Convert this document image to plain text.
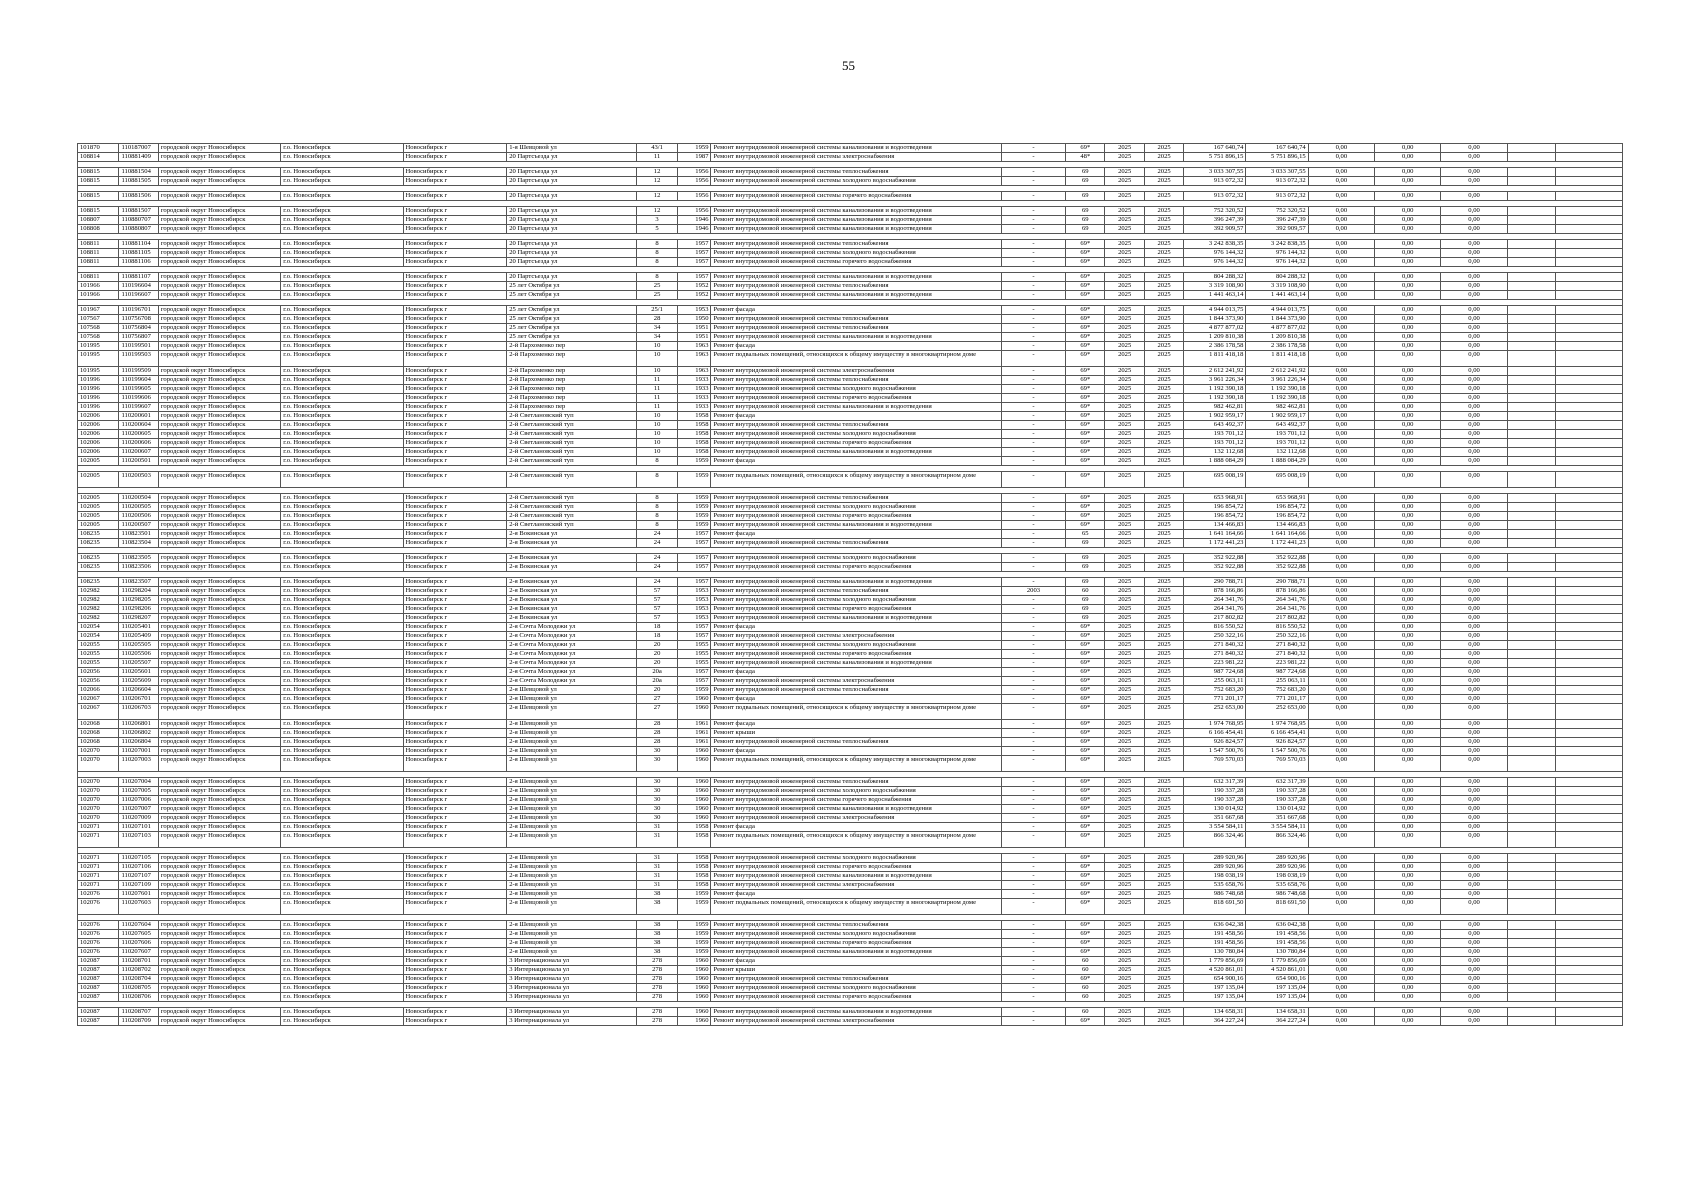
55
101870	110187007	городской округ Новосибирск	г.о. Новосибирск	Новосибирск г	1-я Шевцовой ул	43/1	1959	Ремонт внутридомовой инженерной системы канализования и водоотведения	-	69*	2025	2025	167 640,74	167 640,74	0,00	0,00	0,00		
108814	110881409	городской округ Новосибирск	г.о. Новосибирск	Новосибирск г	20 Партсъезда ул	11	1987	Ремонт внутридомовой инженерной системы электроснабжения	-	48*	2025	2025	5 751 896,15	5 751 896,15	0,00	0,00	0,00		

108815	110881504	городской округ Новосибирск	г.о. Новосибирск	Новосибирск г	20 Партсъезда ул	12	1956	Ремонт внутридомовой инженерной системы теплоснабжения	-	69	2025	2025	3 033 307,55	3 033 307,55	0,00	0,00	0,00		
108815	110881505	городской округ Новосибирск	г.о. Новосибирск	Новосибирск г	20 Партсъезда ул	12	1956	Ремонт внутридомовой инженерной системы холодного водоснабжения	-	69	2025	2025	913 072,32	913 072,32	0,00	0,00	0,00		

108815	110881506	городской округ Новосибирск	г.о. Новосибирск	Новосибирск г	20 Партсъезда ул	12	1956	Ремонт внутридомовой инженерной системы горячего водоснабжения	-	69	2025	2025	913 072,32	913 072,32	0,00	0,00	0,00		

108815	110881507	городской округ Новосибирск	г.о. Новосибирск	Новосибирск г	20 Партсъезда ул	12	1956	Ремонт внутридомовой инженерной системы канализования и водоотведения	-	69	2025	2025	752 320,52	752 320,52	0,00	0,00	0,00		
108807	110880707	городской округ Новосибирск	г.о. Новосибирск	Новосибирск г	20 Партсъезда ул	3	1946	Ремонт внутридомовой инженерной системы канализования и водоотведения	-	69	2025	2025	396 247,39	396 247,39	0,00	0,00	0,00		
108808	110880807	городской округ Новосибирск	г.о. Новосибирск	Новосибирск г	20 Партсъезда ул	5	1946	Ремонт внутридомовой инженерной системы канализования и водоотведения	-	69	2025	2025	392 909,57	392 909,57	0,00	0,00	0,00		

108811	110881104	городской округ Новосибирск	г.о. Новосибирск	Новосибирск г	20 Партсъезда ул	8	1957	Ремонт внутридомовой инженерной системы теплоснабжения	-	69*	2025	2025	3 242 838,35	3 242 838,35	0,00	0,00	0,00		
108811	110881105	городской округ Новосибирск	г.о. Новосибирск	Новосибирск г	20 Партсъезда ул	8	1957	Ремонт внутридомовой инженерной системы холодного водоснабжения	-	69*	2025	2025	976 144,32	976 144,32	0,00	0,00	0,00		
108811	110881106	городской округ Новосибирск	г.о. Новосибирск	Новосибирск г	20 Партсъезда ул	8	1957	Ремонт внутридомовой инженерной системы горячего водоснабжения	-	69*	2025	2025	976 144,32	976 144,32	0,00	0,00	0,00		

108811	110881107	городской округ Новосибирск	г.о. Новосибирск	Новосибирск г	20 Партсъезда ул	8	1957	Ремонт внутридомовой инженерной системы канализования и водоотведения	-	69*	2025	2025	804 288,32	804 288,32	0,00	0,00	0,00		
101966	110196604	городской округ Новосибирск	г.о. Новосибирск	Новосибирск г	25 лет Октября ул	25	1952	Ремонт внутридомовой инженерной системы теплоснабжения	-	69*	2025	2025	3 319 108,90	3 319 108,90	0,00	0,00	0,00		
101966	110196607	городской округ Новосибирск	г.о. Новосибирск	Новосибирск г	25 лет Октября ул	25	1952	Ремонт внутридомовой инженерной системы канализования и водоотведения	-	69*	2025	2025	1 441 463,14	1 441 463,14	0,00	0,00	0,00		

101967	110196701	городской округ Новосибирск	г.о. Новосибирск	Новосибирск г	25 лет Октября ул	25/1	1953	Ремонт фасада	-	69*	2025	2025	4 944 013,75	4 944 013,75	0,00	0,00	0,00		
107567	110756708	городской округ Новосибирск	г.о. Новосибирск	Новосибирск г	25 лет Октября ул	28	1950	Ремонт внутридомовой инженерной системы теплоснабжения	-	69*	2025	2025	1 844 373,90	1 844 373,90	0,00	0,00	0,00		
107568	110756804	городской округ Новосибирск	г.о. Новосибирск	Новосибирск г	25 лет Октября ул	34	1951	Ремонт внутридомовой инженерной системы теплоснабжения	-	69*	2025	2025	4 877 877,02	4 877 877,02	0,00	0,00	0,00		
107568	110756807	городской округ Новосибирск	г.о. Новосибирск	Новосибирск г	25 лет Октября ул	34	1951	Ремонт внутридомовой инженерной системы канализования и водоотведения	-	69*	2025	2025	1 209 810,38	1 209 810,38	0,00	0,00	0,00		
101995	110199501	городской округ Новосибирск	г.о. Новосибирск	Новосибирск г	2-й Пархоменко пер	10	1963	Ремонт фасада	-	69*	2025	2025	2 386 178,58	2 386 178,58	0,00	0,00	0,00		
101995	110199503	городской округ Новосибирск	г.о. Новосибирск	Новосибирск г	2-й Пархоменко пер	10	1963	Ремонт подвальных помещений, относящихся к общему имуществу в многоквартирном доме	-	69*	2025	2025	1 811 418,18	1 811 418,18	0,00	0,00	0,00		
101995	110199509	городской округ Новосибирск	г.о. Новосибирск	Новосибирск г	2-й Пархоменко пер	10	1963	Ремонт внутридомовой инженерной системы электроснабжения	-	69*	2025	2025	2 612 241,92	2 612 241,92	0,00	0,00	0,00		
101996	110199604	городской округ Новосибирск	г.о. Новосибирск	Новосибирск г	2-й Пархоменко пер	11	1933	Ремонт внутридомовой инженерной системы теплоснабжения	-	69*	2025	2025	3 961 226,34	3 961 226,34	0,00	0,00	0,00		
101996	110199605	городской округ Новосибирск	г.о. Новосибирск	Новосибирск г	2-й Пархоменко пер	11	1933	Ремонт внутридомовой инженерной системы холодного водоснабжения	-	69*	2025	2025	1 192 390,18	1 192 390,18	0,00	0,00	0,00		
101996	110199606	городской округ Новосибирск	г.о. Новосибирск	Новосибирск г	2-й Пархоменко пер	11	1933	Ремонт внутридомовой инженерной системы горячего водоснабжения	-	69*	2025	2025	1 192 390,18	1 192 390,18	0,00	0,00	0,00		
101996	110199607	городской округ Новосибирск	г.о. Новосибирск	Новосибирск г	2-й Пархоменко пер	11	1933	Ремонт внутридомовой инженерной системы канализования и водоотведения	-	69*	2025	2025	982 462,81	982 462,81	0,00	0,00	0,00		
102006	110200601	городской округ Новосибирск	г.о. Новосибирск	Новосибирск г	2-й Светлановский туп	10	1958	Ремонт фасада	-	69*	2025	2025	1 902 959,17	1 902 959,17	0,00	0,00	0,00		
102006	110200604	городской округ Новосибирск	г.о. Новосибирск	Новосибирск г	2-й Светлановский туп	10	1958	Ремонт внутридомовой инженерной системы теплоснабжения	-	69*	2025	2025	643 492,37	643 492,37	0,00	0,00	0,00		
102006	110200605	городской округ Новосибирск	г.о. Новосибирск	Новосибирск г	2-й Светлановский туп	10	1958	Ремонт внутридомовой инженерной системы холодного водоснабжения	-	69*	2025	2025	193 701,12	193 701,12	0,00	0,00	0,00		
102006	110200606	городской округ Новосибирск	г.о. Новосибирск	Новосибирск г	2-й Светлановский туп	10	1958	Ремонт внутридомовой инженерной системы горячего водоснабжения	-	69*	2025	2025	193 701,12	193 701,12	0,00	0,00	0,00		
102006	110200607	городской округ Новосибирск	г.о. Новосибирск	Новосибирск г	2-й Светлановский туп	10	1958	Ремонт внутридомовой инженерной системы канализования и водоотведения	-	69*	2025	2025	132 112,68	132 112,68	0,00	0,00	0,00		
102005	110200501	городской округ Новосибирск	г.о. Новосибирск	Новосибирск г	2-й Светлановский туп	8	1959	Ремонт фасада	-	69*	2025	2025	1 888 084,29	1 888 084,29	0,00	0,00	0,00		

102005	110200503	городской округ Новосибирск	г.о. Новосибирск	Новосибирск г	2-й Светлановский туп	8	1959	Ремонт подвальных помещений, относящихся к общему имуществу в многоквартирном доме	-	69*	2025	2025	695 008,19	695 008,19	0,00	0,00	0,00		

102005	110200504	городской округ Новосибирск	г.о. Новосибирск	Новосибирск г	2-й Светлановский туп	8	1959	Ремонт внутридомовой инженерной системы теплоснабжения	-	69*	2025	2025	653 968,91	653 968,91	0,00	0,00	0,00		
102005	110200505	городской округ Новосибирск	г.о. Новосибирск	Новосибирск г	2-й Светлановский туп	8	1959	Ремонт внутридомовой инженерной системы холодного водоснабжения	-	69*	2025	2025	196 854,72	196 854,72	0,00	0,00	0,00		
102005	110200506	городской округ Новосибирск	г.о. Новосибирск	Новосибирск г	2-й Светлановский туп	8	1959	Ремонт внутридомовой инженерной системы горячего водоснабжения	-	69*	2025	2025	196 854,72	196 854,72	0,00	0,00	0,00		
102005	110200507	городской округ Новосибирск	г.о. Новосибирск	Новосибирск г	2-й Светлановский туп	8	1959	Ремонт внутридомовой инженерной системы канализования и водоотведения	-	69*	2025	2025	134 466,83	134 466,83	0,00	0,00	0,00		
108235	110823501	городской округ Новосибирск	г.о. Новосибирск	Новосибирск г	2-я Вокинская ул	24	1957	Ремонт фасада	-	65	2025	2025	1 641 164,66	1 641 164,66	0,00	0,00	0,00		
108235	110823504	городской округ Новосибирск	г.о. Новосибирск	Новосибирск г	2-я Вокинская ул	24	1957	Ремонт внутридомовой инженерной системы теплоснабжения	-	69	2025	2025	1 172 441,23	1 172 441,23	0,00	0,00	0,00		

108235	110823505	городской округ Новосибирск	г.о. Новосибирск	Новосибирск г	2-я Вокинская ул	24	1957	Ремонт внутридомовой инженерной системы холодного водоснабжения	-	69	2025	2025	352 922,88	352 922,88	0,00	0,00	0,00		
108235	110823506	городской округ Новосибирск	г.о. Новосибирск	Новосибирск г	2-я Вокинская ул	24	1957	Ремонт внутридомовой инженерной системы горячего водоснабжения	-	69	2025	2025	352 922,88	352 922,88	0,00	0,00	0,00		

108235	110823507	городской округ Новосибирск	г.о. Новосибирск	Новосибирск г	2-я Вокинская ул	24	1957	Ремонт внутридомовой инженерной системы канализования и водоотведения	-	69	2025	2025	290 788,71	290 788,71	0,00	0,00	0,00		
102982	110298204	городской округ Новосибирск	г.о. Новосибирск	Новосибирск г	2-я Вокинская ул	57	1953	Ремонт внутридомовой инженерной системы теплоснабжения	2003	60	2025	2025	878 166,86	878 166,86	0,00	0,00	0,00		
102982	110298205	городской округ Новосибирск	г.о. Новосибирск	Новосибирск г	2-я Вокинская ул	57	1953	Ремонт внутридомовой инженерной системы холодного водоснабжения	-	69	2025	2025	264 341,76	264 341,76	0,00	0,00	0,00		
102982	110298206	городской округ Новосибирск	г.о. Новосибирск	Новосибирск г	2-я Вокинская ул	57	1953	Ремонт внутридомовой инженерной системы горячего водоснабжения	-	69	2025	2025	264 341,76	264 341,76	0,00	0,00	0,00		
102982	110298207	городской округ Новосибирск	г.о. Новосибирск	Новосибирск г	2-я Вокинская ул	57	1953	Ремонт внутридомовой инженерной системы канализования и водоотведения	-	69	2025	2025	217 802,82	217 802,82	0,00	0,00	0,00		
102054	110205401	городской округ Новосибирск	г.о. Новосибирск	Новосибирск г	2-я Сочта Молодежи ул	18	1957	Ремонт фасада	-	69*	2025	2025	816 550,52	816 550,52	0,00	0,00	0,00		
102054	110205409	городской округ Новосибирск	г.о. Новосибирск	Новосибирск г	2-я Сочта Молодежи ул	18	1957	Ремонт внутридомовой инженерной системы электроснабжения	-	69*	2025	2025	250 322,16	250 322,16	0,00	0,00	0,00		
102055	110205505	городской округ Новосибирск	г.о. Новосибирск	Новосибирск г	2-я Сочта Молодежи ул	20	1955	Ремонт внутридомовой инженерной системы холодного водоснабжения	-	69*	2025	2025	271 840,32	271 840,32	0,00	0,00	0,00		
102055	110205506	городской округ Новосибирск	г.о. Новосибирск	Новосибирск г	2-я Сочта Молодежи ул	20	1955	Ремонт внутридомовой инженерной системы горячего водоснабжения	-	69*	2025	2025	271 840,32	271 840,32	0,00	0,00	0,00		
102055	110205507	городской округ Новосибирск	г.о. Новосибирск	Новосибирск г	2-я Сочта Молодежи ул	20	1955	Ремонт внутридомовой инженерной системы канализования и водоотведения	-	69*	2025	2025	223 981,22	223 981,22	0,00	0,00	0,00		
102056	110205601	городской округ Новосибирск	г.о. Новосибирск	Новосибирск г	2-я Сочта Молодежи ул	20а	1957	Ремонт фасада	-	69*	2025	2025	987 724,68	987 724,68	0,00	0,00	0,00		
102056	110205609	городской округ Новосибирск	г.о. Новосибирск	Новосибирск г	2-я Сочта Молодежи ул	20а	1957	Ремонт внутридомовой инженерной системы электроснабжения	-	69*	2025	2025	255 063,11	255 063,11	0,00	0,00	0,00		
102066	110206604	городской округ Новосибирск	г.о. Новосибирск	Новосибирск г	2-я Шевцовой ул	20	1959	Ремонт внутридомовой инженерной системы теплоснабжения	-	69*	2025	2025	752 683,20	752 683,20	0,00	0,00	0,00		
102067	110206701	городской округ Новосибирск	г.о. Новосибирск	Новосибирск г	2-я Шевцовой ул	27	1960	Ремонт фасада	-	69*	2025	2025	771 201,17	771 201,17	0,00	0,00	0,00		
102067	110206703	городской округ Новосибирск	г.о. Новосибирск	Новосибирск г	2-я Шевцовой ул	27	1960	Ремонт подвальных помещений, относящихся к общему имуществу в многоквартирном доме	-	69*	2025	2025	252 653,00	252 653,00	0,00	0,00	0,00		
102068	110206801	городской округ Новосибирск	г.о. Новосибирск	Новосибирск г	2-я Шевцовой ул	28	1961	Ремонт фасада	-	69*	2025	2025	1 974 768,95	1 974 768,95	0,00	0,00	0,00		
102068	110206802	городской округ Новосибирск	г.о. Новосибирск	Новосибирск г	2-я Шевцовой ул	28	1961	Ремонт крыши	-	69*	2025	2025	6 166 454,41	6 166 454,41	0,00	0,00	0,00		
102068	110206804	городской округ Новосибирск	г.о. Новосибирск	Новосибирск г	2-я Шевцовой ул	28	1961	Ремонт внутридомовой инженерной системы теплоснабжения	-	69*	2025	2025	926 824,57	926 824,57	0,00	0,00	0,00		
102070	110207001	городской округ Новосибирск	г.о. Новосибирск	Новосибирск г	2-я Шевцовой ул	30	1960	Ремонт фасада	-	69*	2025	2025	1 547 500,76	1 547 500,76	0,00	0,00	0,00		
102070	110207003	городской округ Новосибирск	г.о. Новосибирск	Новосибирск г	2-я Шевцовой ул	30	1960	Ремонт подвальных помещений, относящихся к общему имуществу в многоквартирном доме	-	69*	2025	2025	769 570,03	769 570,03	0,00	0,00	0,00		

102070	110207004	городской округ Новосибирск	г.о. Новосибирск	Новосибирск г	2-я Шевцовой ул	30	1960	Ремонт внутридомовой инженерной системы теплоснабжения	-	69*	2025	2025	632 317,39	632 317,39	0,00	0,00	0,00		
102070	110207005	городской округ Новосибирск	г.о. Новосибирск	Новосибирск г	2-я Шевцовой ул	30	1960	Ремонт внутридомовой инженерной системы холодного водоснабжения	-	69*	2025	2025	190 337,28	190 337,28	0,00	0,00	0,00		
102070	110207006	городской округ Новосибирск	г.о. Новосибирск	Новосибирск г	2-я Шевцовой ул	30	1960	Ремонт внутридомовой инженерной системы горячего водоснабжения	-	69*	2025	2025	190 337,28	190 337,28	0,00	0,00	0,00		
102070	110207007	городской округ Новосибирск	г.о. Новосибирск	Новосибирск г	2-я Шевцовой ул	30	1960	Ремонт внутридомовой инженерной системы канализования и водоотведения	-	69*	2025	2025	130 014,92	130 014,92	0,00	0,00	0,00		
102070	110207009	городской округ Новосибирск	г.о. Новосибирск	Новосибирск г	2-я Шевцовой ул	30	1960	Ремонт внутридомовой инженерной системы электроснабжения	-	69*	2025	2025	351 667,68	351 667,68	0,00	0,00	0,00		
102071	110207101	городской округ Новосибирск	г.о. Новосибирск	Новосибирск г	2-я Шевцовой ул	31	1958	Ремонт фасада	-	69*	2025	2025	3 554 584,11	3 554 584,11	0,00	0,00	0,00		
102071	110207103	городской округ Новосибирск	г.о. Новосибирск	Новосибирск г	2-я Шевцовой ул	31	1958	Ремонт подвальных помещений, относящихся к общему имуществу в многоквартирном доме	-	69*	2025	2025	866 324,46	866 324,46	0,00	0,00	0,00		

102071	110207105	городской округ Новосибирск	г.о. Новосибирск	Новосибирск г	2-я Шевцовой ул	31	1958	Ремонт внутридомовой инженерной системы холодного водоснабжения	-	69*	2025	2025	289 920,96	289 920,96	0,00	0,00	0,00		
102071	110207106	городской округ Новосибирск	г.о. Новосибирск	Новосибирск г	2-я Шевцовой ул	31	1958	Ремонт внутридомовой инженерной системы горячего водоснабжения	-	69*	2025	2025	289 920,96	289 920,96	0,00	0,00	0,00		
102071	110207107	городской округ Новосибирск	г.о. Новосибирск	Новосибирск г	2-я Шевцовой ул	31	1958	Ремонт внутридомовой инженерной системы канализования и водоотведения	-	69*	2025	2025	198 038,19	198 038,19	0,00	0,00	0,00		
102071	110207109	городской округ Новосибирск	г.о. Новосибирск	Новосибирск г	2-я Шевцовой ул	31	1958	Ремонт внутридомовой инженерной системы электроснабжения	-	69*	2025	2025	535 658,76	535 658,76	0,00	0,00	0,00		
102076	110207601	городской округ Новосибирск	г.о. Новосибирск	Новосибирск г	2-я Шевцовой ул	38	1959	Ремонт фасада	-	69*	2025	2025	986 748,68	986 748,68	0,00	0,00	0,00		
102076	110207603	городской округ Новосибирск	г.о. Новосибирск	Новосибирск г	2-я Шевцовой ул	38	1959	Ремонт подвальных помещений, относящихся к общему имуществу в многоквартирном доме	-	69*	2025	2025	818 691,50	818 691,50	0,00	0,00	0,00		

102076	110207604	городской округ Новосибирск	г.о. Новосибирск	Новосибирск г	2-я Шевцовой ул	38	1959	Ремонт внутридомовой инженерной системы теплоснабжения	-	69*	2025	2025	636 042,38	636 042,38	0,00	0,00	0,00		
102076	110207605	городской округ Новосибирск	г.о. Новосибирск	Новосибирск г	2-я Шевцовой ул	38	1959	Ремонт внутридомовой инженерной системы холодного водоснабжения	-	69*	2025	2025	191 458,56	191 458,56	0,00	0,00	0,00		
102076	110207606	городской округ Новосибирск	г.о. Новосибирск	Новосибирск г	2-я Шевцовой ул	38	1959	Ремонт внутридомовой инженерной системы горячего водоснабжения	-	69*	2025	2025	191 458,56	191 458,56	0,00	0,00	0,00		
102076	110207607	городской округ Новосибирск	г.о. Новосибирск	Новосибирск г	2-я Шевцовой ул	38	1959	Ремонт внутридомовой инженерной системы канализования и водоотведения	-	69*	2025	2025	130 780,84	130 780,84	0,00	0,00	0,00		
102087	110208701	городской округ Новосибирск	г.о. Новосибирск	Новосибирск г	3 Интернационала ул	278	1960	Ремонт фасада	-	60	2025	2025	1 779 856,69	1 779 856,69	0,00	0,00	0,00		
102087	110208702	городской округ Новосибирск	г.о. Новосибирск	Новосибирск г	3 Интернационала ул	278	1960	Ремонт крыши	-	60	2025	2025	4 520 861,01	4 520 861,01	0,00	0,00	0,00		
102087	110208704	городской округ Новосибирск	г.о. Новосибирск	Новосибирск г	3 Интернационала ул	278	1960	Ремонт внутридомовой инженерной системы теплоснабжения	-	69*	2025	2025	654 900,16	654 900,16	0,00	0,00	0,00		
102087	110208705	городской округ Новосибирск	г.о. Новосибирск	Новосибирск г	3 Интернационала ул	278	1960	Ремонт внутридомовой инженерной системы холодного водоснабжения	-	60	2025	2025	197 135,04	197 135,04	0,00	0,00	0,00		
102087	110208706	городской округ Новосибирск	г.о. Новосибирск	Новосибирск г	3 Интернационала ул	278	1960	Ремонт внутридомовой инженерной системы горячего водоснабжения	-	60	2025	2025	197 135,04	197 135,04	0,00	0,00	0,00		

102087	110208707	городской округ Новосибирск	г.о. Новосибирск	Новосибирск г	3 Интернационала ул	278	1960	Ремонт внутридомовой инженерной системы канализования и водоотведения	-	60	2025	2025	134 658,31	134 658,31	0,00	0,00	0,00		
102087	110208709	городской округ Новосибирск	г.о. Новосибирск	Новосибирск г	3 Интернационала ул	278	1960	Ремонт внутридомовой инженерной системы электроснабжения	-	69*	2025	2025	364 227,24	364 227,24	0,00	0,00	0,00		
